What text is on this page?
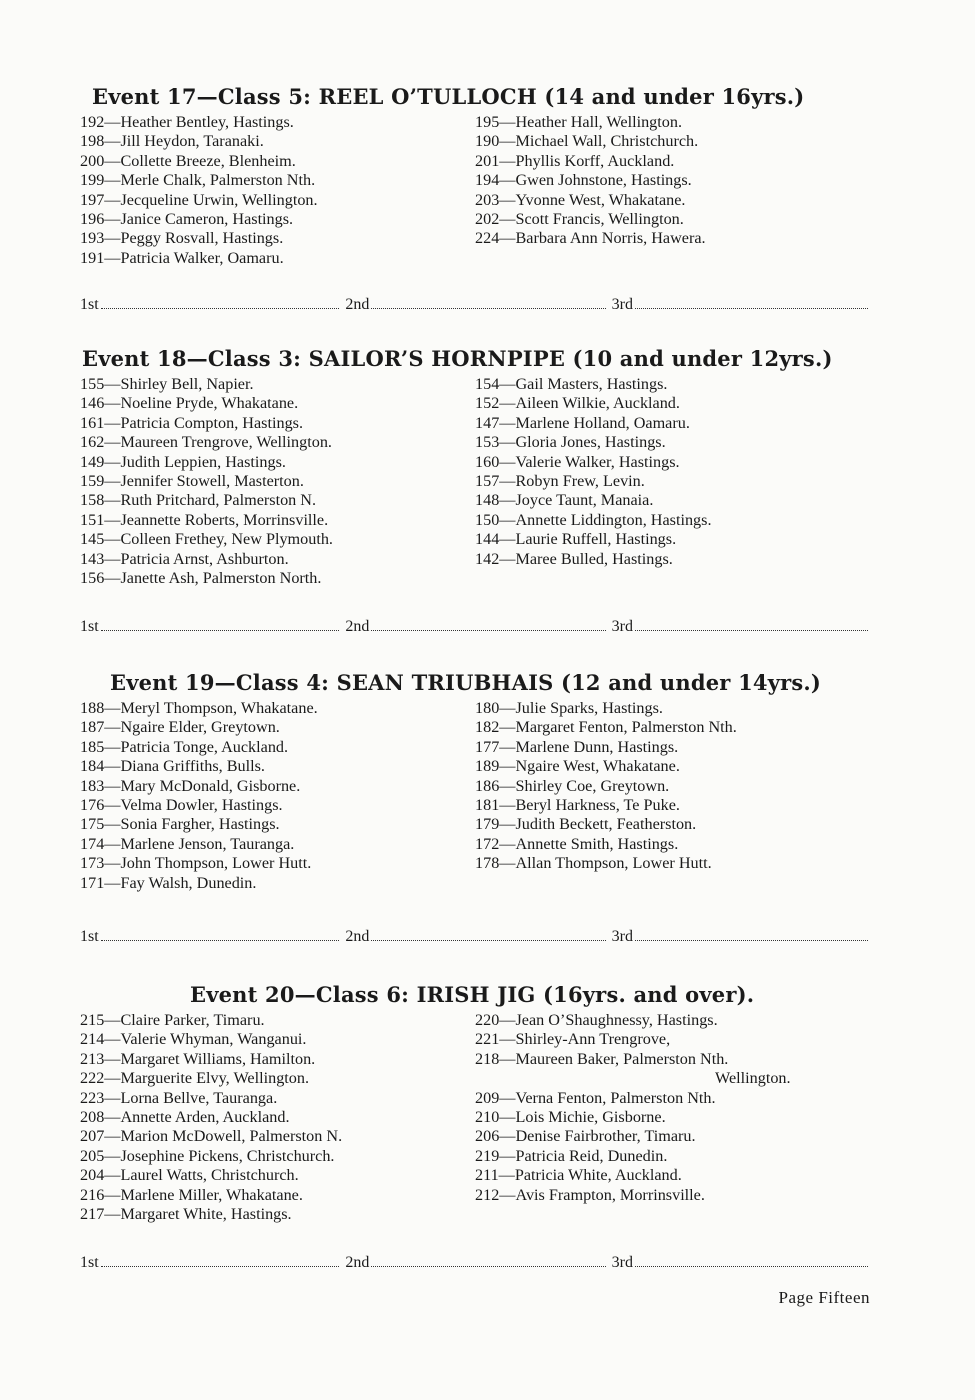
Event 17—Class 5: REEL O’TULLOCH (14 and under 16yrs.)
192—Heather Bentley, Hastings.
198—Jill Heydon, Taranaki.
200—Collette Breeze, Blenheim.
199—Merle Chalk, Palmerston Nth.
197—Jecqueline Urwin, Wellington.
196—Janice Cameron, Hastings.
193—Peggy Rosvall, Hastings.
191—Patricia Walker, Oamaru.
195—Heather Hall, Wellington.
190—Michael Wall, Christchurch.
201—Phyllis Korff, Auckland.
194—Gwen Johnstone, Hastings.
203—Yvonne West, Whakatane.
202—Scott Francis, Wellington.
224—Barbara Ann Norris, Hawera.
1st	2nd	3rd
Event 18—Class 3: SAILOR’S HORNPIPE (10 and under 12yrs.)
155—Shirley Bell, Napier.
146—Noeline Pryde, Whakatane.
161—Patricia Compton, Hastings.
162—Maureen Trengrove, Wellington.
149—Judith Leppien, Hastings.
159—Jennifer Stowell, Masterton.
158—Ruth Pritchard, Palmerston N.
151—Jeannette Roberts, Morrinsville.
145—Colleen Frethey, New Plymouth.
143—Patricia Arnst, Ashburton.
156—Janette Ash, Palmerston North.
154—Gail Masters, Hastings.
152—Aileen Wilkie, Auckland.
147—Marlene Holland, Oamaru.
153—Gloria Jones, Hastings.
160—Valerie Walker, Hastings.
157—Robyn Frew, Levin.
148—Joyce Taunt, Manaia.
150—Annette Liddington, Hastings.
144—Laurie Ruffell, Hastings.
142—Maree Bulled, Hastings.
1st	2nd	3rd
Event 19—Class 4: SEAN TRIUBHAIS (12 and under 14yrs.)
188—Meryl Thompson, Whakatane.
187—Ngaire Elder, Greytown.
185—Patricia Tonge, Auckland.
184—Diana Griffiths, Bulls.
183—Mary McDonald, Gisborne.
176—Velma Dowler, Hastings.
175—Sonia Fargher, Hastings.
174—Marlene Jenson, Tauranga.
173—John Thompson, Lower Hutt.
171—Fay Walsh, Dunedin.
180—Julie Sparks, Hastings.
182—Margaret Fenton, Palmerston Nth.
177—Marlene Dunn, Hastings.
189—Ngaire West, Whakatane.
186—Shirley Coe, Greytown.
181—Beryl Harkness, Te Puke.
179—Judith Beckett, Featherston.
172—Annette Smith, Hastings.
178—Allan Thompson, Lower Hutt.
1st	2nd	3rd
Event 20—Class 6: IRISH JIG (16yrs. and over).
215—Claire Parker, Timaru.
214—Valerie Whyman, Wanganui.
213—Margaret Williams, Hamilton.
222—Marguerite Elvy, Wellington.
223—Lorna Bellve, Tauranga.
208—Annette Arden, Auckland.
207—Marion McDowell, Palmerston N.
205—Josephine Pickens, Christchurch.
204—Laurel Watts, Christchurch.
216—Marlene Miller, Whakatane.
217—Margaret White, Hastings.
220—Jean O’Shaughnessy, Hastings.
221—Shirley-Ann Trengrove,
218—Maureen Baker, Palmerston Nth.
Wellington.
209—Verna Fenton, Palmerston Nth.
210—Lois Michie, Gisborne.
206—Denise Fairbrother, Timaru.
219—Patricia Reid, Dunedin.
211—Patricia White, Auckland.
212—Avis Frampton, Morrinsville.
1st	2nd	3rd
Page Fifteen
